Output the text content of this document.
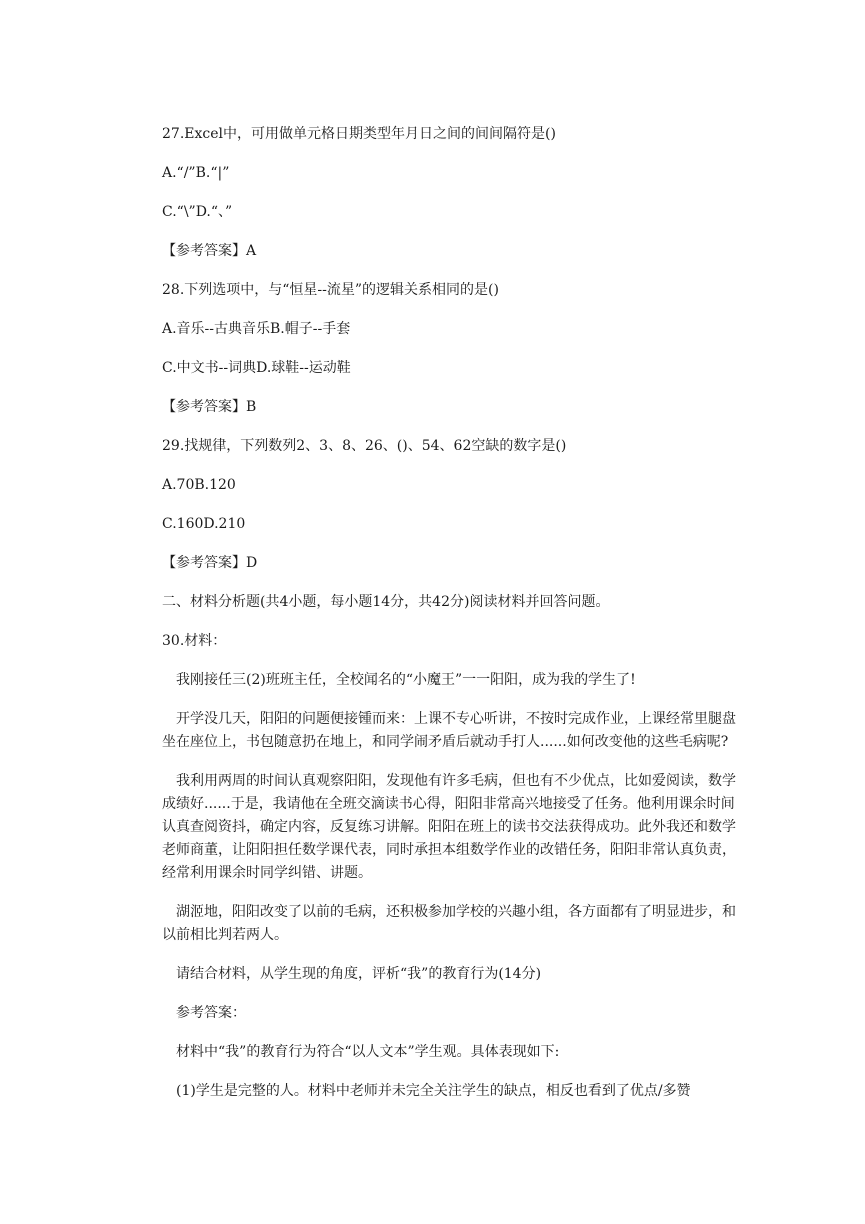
27.Excel中，可用做单元格日期类型年月日之间的间间隔符是()

A.“/”B.“|”

C.“\”D.“、”

【参考答案】A

28.下列选项中，与“恒星--流星”的逻辑关系相同的是()

A.音乐--古典音乐B.帽子--手套

C.中文书--词典D.球鞋--运动鞋

【参考答案】B

29.找规律，下列数列2、3、8、26、()、54、62空缺的数字是()

A.70B.120

C.160D.210

【参考答案】D

二、材料分析题(共4小题，每小题14分，共42分)阅读材料并回答问题。

30.材料：

　我刚接任三(2)班班主任，全校闻名的“小魔王”一一阳阳，成为我的学生了!

　开学没几天，阳阳的问题便接锺而来：上课不专心听讲，不按时完成作业，上课经常里腿盘坐在座位上，书包随意扔在地上，和同学闹矛盾后就动手打人......如何改变他的这些毛病呢?

　我利用两周的时间认真观察阳阳，发现他有许多毛病，但也有不少优点，比如爱阅读，数学成绩好......于是，我请他在全班交滴读书心得，阳阳非常高兴地接受了任务。他利用课余时间认真查阅资抖，确定内容，反复练习讲解。阳阳在班上的读书交法获得成功。此外我还和数学老师商董，让阳阳担任数学课代表，同时承担本组数学作业的改错任务，阳阳非常认真负责，经常利用课余时同学纠错、讲题。

　湖洍地，阳阳改变了以前的毛病，还积极参加学校的兴趣小组，各方面都有了明显进步，和以前相比判若两人。

　请结合材料，从学生现的角度，评析“我”的教育行为(14分)

　参考答案：

　材料中“我”的教育行为符合“以人文本”学生观。具体表现如下:

　(1)学生是完整的人。材料中老师并未完全关注学生的缺点，相反也看到了优点/多赞
